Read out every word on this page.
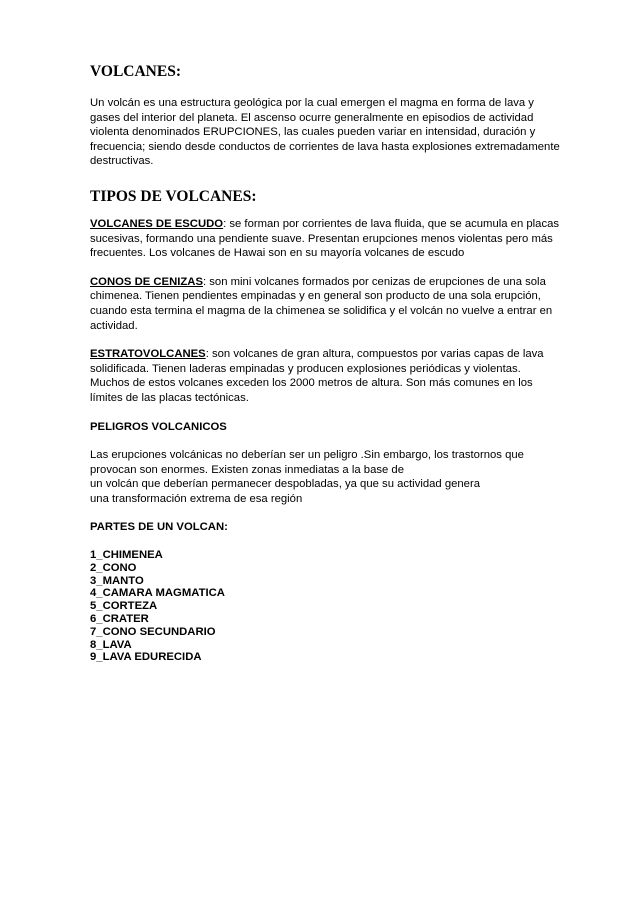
VOLCANES:

Un volcán es una estructura geológica por la cual emergen el magma en forma de lava y gases del interior del planeta. El ascenso ocurre generalmente en episodios de actividad violenta denominados ERUPCIONES, las cuales pueden variar en intensidad, duración y frecuencia; siendo desde conductos de corrientes de lava hasta explosiones extremadamente destructivas.

TIPOS DE VOLCANES:

VOLCANES DE ESCUDO: se forman por corrientes de lava fluida, que se acumula en placas sucesivas, formando una pendiente suave. Presentan erupciones menos violentas pero más frecuentes. Los volcanes de Hawai son en su mayoría volcanes de escudo

CONOS DE CENIZAS: son mini volcanes formados por cenizas de erupciones de una sola chimenea. Tienen pendientes empinadas y en general son producto de una sola erupción, cuando esta termina el magma de la chimenea se solidifica y el volcán no vuelve a entrar en actividad.

ESTRATOVOLCANES: son volcanes de gran altura, compuestos por varias capas de lava solidificada. Tienen laderas empinadas y producen explosiones periódicas y violentas. Muchos de estos volcanes exceden los 2000 metros de altura. Son más comunes en los límites de las placas tectónicas.

PELIGROS VOLCANICOS

Las erupciones volcánicas no deberían ser un peligro .Sin embargo, los trastornos que
provocan son enormes. Existen zonas inmediatas a la base de
un volcán que deberían permanecer despobladas, ya que su actividad genera
una transformación extrema de esa región

PARTES DE UN VOLCAN:
1_CHIMENEA
2_CONO
3_MANTO
4_CAMARA MAGMATICA
5_CORTEZA
6_CRATER
7_CONO SECUNDARIO
8_LAVA
9_LAVA EDURECIDA
